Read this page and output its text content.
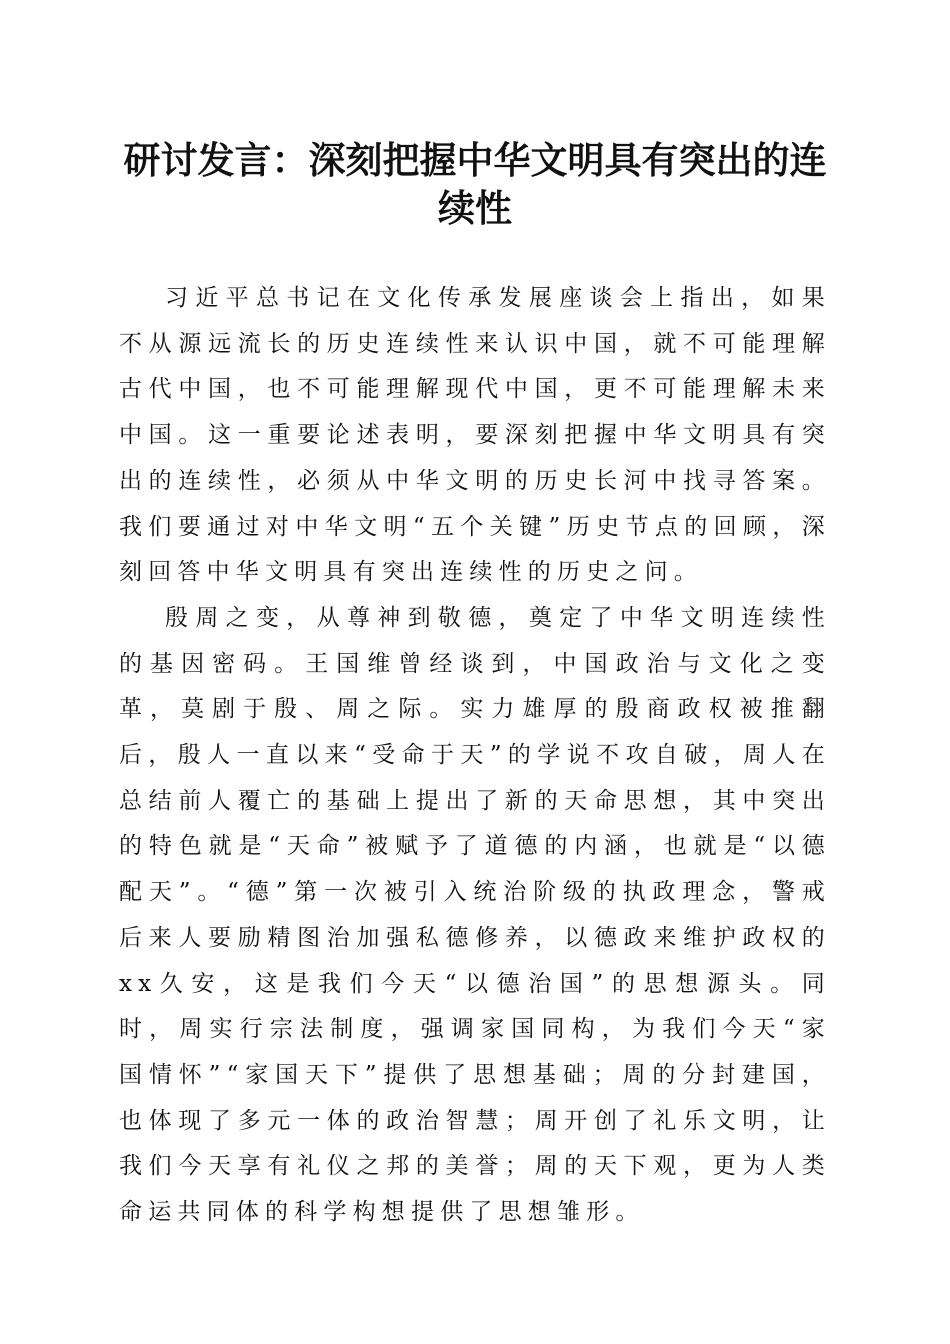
研讨发言：深刻把握中华文明具有突出的连续性

习近平总书记在文化传承发展座谈会上指出，如果不从源远流长的历史连续性来认识中国，就不可能理解古代中国，也不可能理解现代中国，更不可能理解未来中国。这一重要论述表明，要深刻把握中华文明具有突出的连续性，必须从中华文明的历史长河中找寻答案。我们要通过对中华文明“五个关键”历史节点的回顾，深刻回答中华文明具有突出连续性的历史之问。

殷周之变，从尊神到敬德，奠定了中华文明连续性的基因密码。王国维曾经谈到，中国政治与文化之变革，莫剧于殷、周之际。实力雄厚的殷商政权被推翻后，殷人一直以来“受命于天”的学说不攻自破，周人在总结前人覆亡的基础上提出了新的天命思想，其中突出的特色就是“天命”被赋予了道德的内涵，也就是“以德配天”。“德”第一次被引入统治阶级的执政理念，警戒后来人要励精图治加强私德修养，以德政来维护政权的xx久安，这是我们今天“以德治国”的思想源头。同时，周实行宗法制度，强调家国同构，为我们今天“家国情怀”“家国天下”提供了思想基础；周的分封建国，也体现了多元一体的政治智慧；周开创了礼乐文明，让我们今天享有礼仪之邦的美誉；周的天下观，更为人类命运共同体的科学构想提供了思想雏形。
